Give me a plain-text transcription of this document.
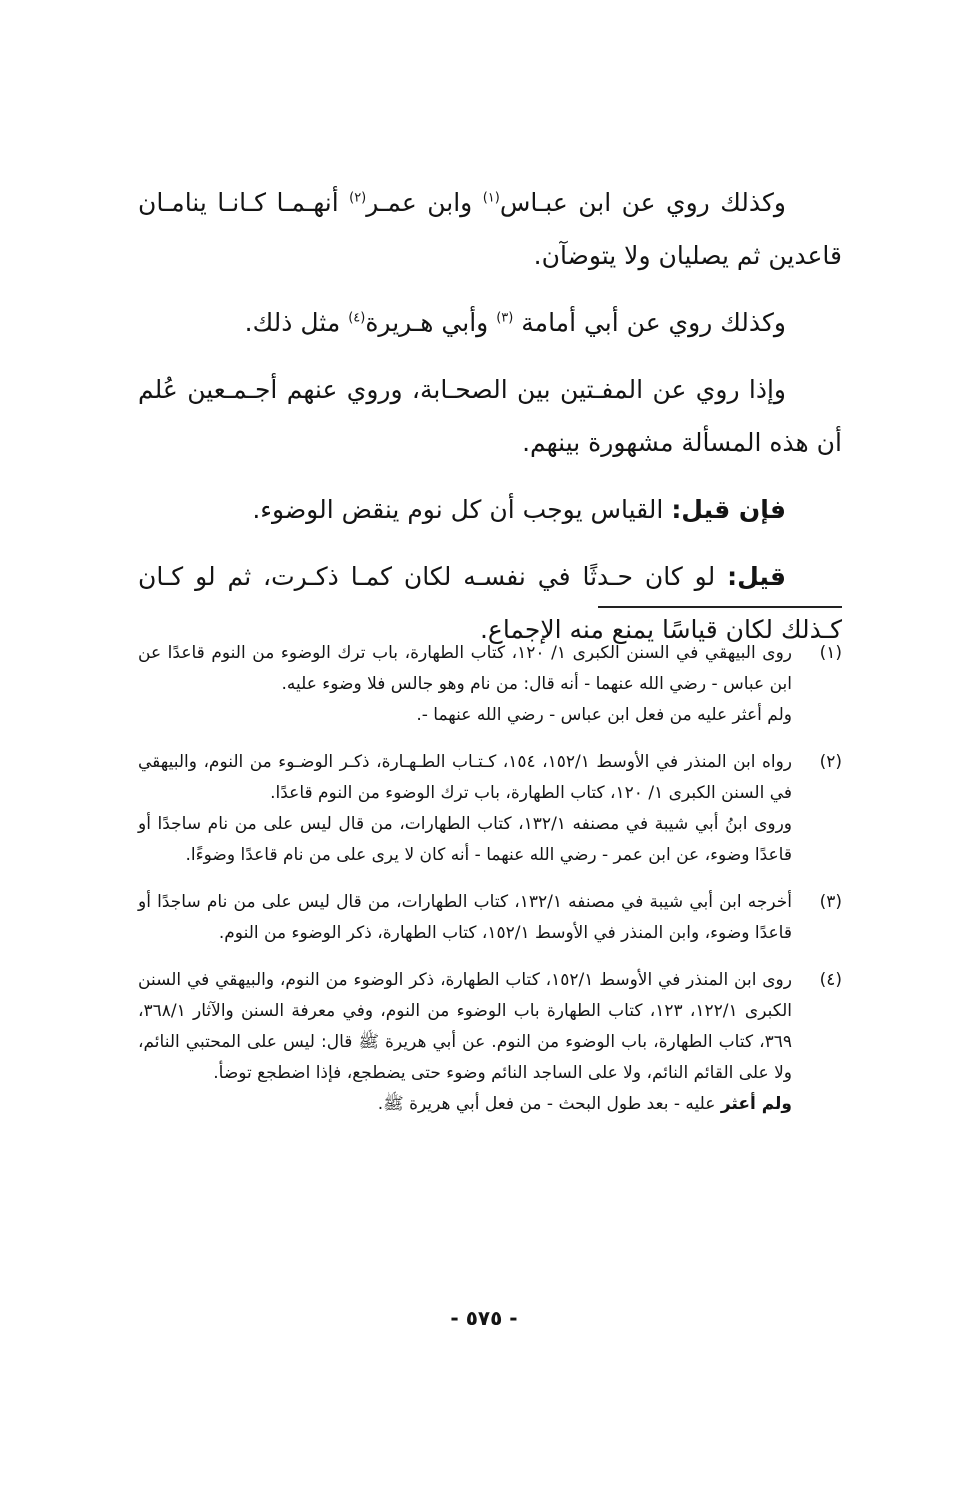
وكذلك روي عن ابن عبـاس$^{(١)}$ وابن عمـر$^{(٢)}$ أنهـمـا كـانـا ينامـان قاعدين ثم يصليان ولا يتوضآن.

وكذلك روي عن أبي أمامة $^{(٣)}$ وأبي هـريرة$^{(٤)}$ مثل ذلك.

وإذا روي عن المفـتين بين الصحـابة، وروي عنهم أجـمـعين عُلم أن هذه المسألة مشهورة بينهم.

فإن قيل: القياس يوجب أن كل نوم ينقض الوضوء.

قيل: لو كان حـدثًا في نفسـه لكان كمـا ذكـرت، ثم لو كـان كـذلك لكان قياسًا يمنع منه الإجماع.

(١)

روى البيهقي في السنن الكبرى ١/ ١٢٠، كتاب الطهارة، باب ترك الوضوء من النوم قاعدًا عن ابن عباس - رضي الله عنهما - أنه قال: من نام وهو جالس فلا وضوء عليه.

ولم أعثر عليه من فعل ابن عباس - رضي الله عنهما -.

(٢)

رواه ابن المنذر في الأوسط ١٥٢/١، ١٥٤، كـتـاب الطـهـارة، ذكـر الوضـوء من النوم، والبيهقي في السنن الكبرى ١/ ١٢٠، كتاب الطهارة، باب ترك الوضوء من النوم قاعدًا.

وروى ابنُ أبي شيبة في مصنفه ١٣٢/١، كتاب الطهارات، من قال ليس على من نام ساجدًا أو قاعدًا وضوء، عن ابن عمر - رضي الله عنهما - أنه كان لا يرى على من نام قاعدًا وضوءًا.

(٣)

أخرجه ابن أبي شيبة في مصنفه ١٣٢/١، كتاب الطهارات، من قال ليس على من نام ساجدًا أو قاعدًا وضوء، وابن المنذر في الأوسط ١٥٢/١، كتاب الطهارة، ذكر الوضوء من النوم.

(٤)

روى ابن المنذر في الأوسط ١٥٢/١، كتاب الطهارة، ذكر الوضوء من النوم، والبيهقي في السنن الكبرى ١٢٢/١، ١٢٣، كتاب الطهارة باب الوضوء من النوم، وفي معرفة السنن والآثار ٣٦٨/١، ٣٦٩، كتاب الطهارة، باب الوضوء من النوم. عن أبي هريرة ﷺ قال: ليس على المحتبي النائم، ولا على القائم النائم، ولا على الساجد النائم وضوء حتى يضطجع، فإذا اضطجع توضأ.

ولم أعثر عليه - بعد طول البحث - من فعل أبي هريرة ﷺ.

- ٥٧٥ -
